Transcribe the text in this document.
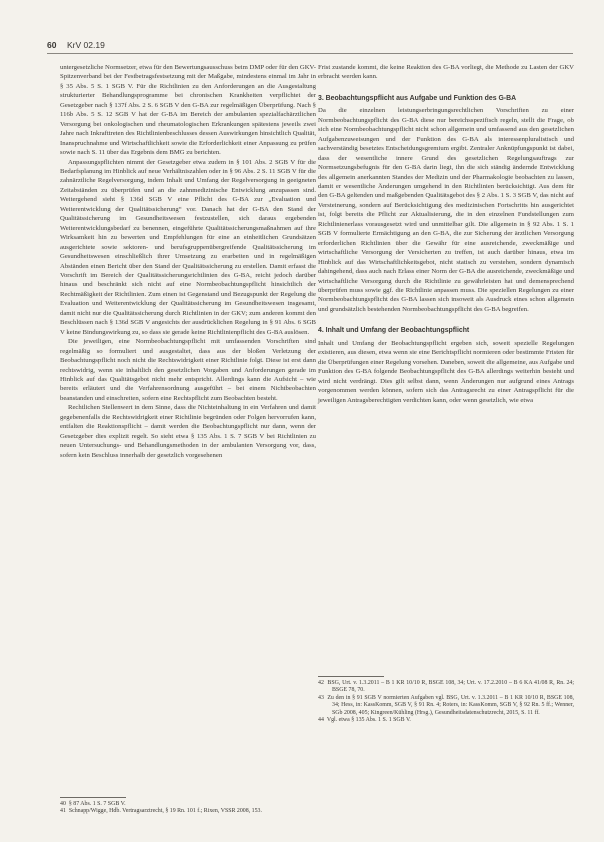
60 KrV 02.19

untergesetzliche Normsetzer, etwa für den Bewertungsausschuss beim DMP oder für den GKV-Spitzenverband bei der Festbetragsfestsetzung mit der Maßgabe, mindestens einmal im Jahr in § 35 Abs. 5 S. 1 SGB V. Für die Richtlinien zu den Anforderungen an die Ausgestaltung strukturierter Behandlungsprogramme bei chronischen Krankheiten verpflichtet der Gesetzgeber nach § 137f Abs. 2 S. 6 SGB V den G-BA zur regelmäßigen Überprüfung. Nach § 116b Abs. 5 S. 12 SGB V hat der G-BA im Bereich der ambulanten spezialfachärztlichen Versorgung bei onkologischen und rheumatologischen Erkrankungen spätestens jeweils zwei Jahre nach Inkrafttreten des Richtlinienbeschlusses dessen Auswirkungen hinsichtlich Qualität, Inanspruchnahme und Wirtschaftlichkeit sowie die Erforderlichkeit einer Anpassung zu prüfen sowie nach S. 11 über das Ergebnis dem BMG zu berichten.

Anpassungspflichten nimmt der Gesetzgeber etwa zudem in § 101 Abs. 2 SGB V für die Bedarfsplanung im Hinblick auf neue Verhältniszahlen oder in § 96 Abs. 2 S. 11 SGB V für die zahnärztliche Regelversorgung, indem Inhalt und Umfang der Regelversorgung in geeigneten Zeitabständen zu überprüfen und an die zahnmedizinische Entwicklung anzupassen sind. Weitergehend sieht § 136d SGB V eine Pflicht des G-BA zur „Evaluation und Weiterentwicklung der Qualitätssicherung“ vor. Danach hat der G-BA den Stand der Qualitätssicherung im Gesundheitswesen festzustellen, sich daraus ergebenden Weiterentwicklungsbedarf zu benennen, eingeführte Qualitätssicherungsmaßnahmen auf ihre Wirksamkeit hin zu bewerten und Empfehlungen für eine an einheitlichen Grundsätzen ausgerichtete sowie sektoren- und berufsgruppenübergreifende Qualitätssicherung im Gesundheitswesen einschließlich ihrer Umsetzung zu erarbeiten und in regelmäßigen Abständen einen Bericht über den Stand der Qualitätssicherung zu erstellen. Damit erfasst die Vorschrift im Bereich der Qualitätssicherungsrichtlinien des G-BA, reicht jedoch darüber hinaus und beschränkt sich nicht auf eine Normbeobachtungspflicht hinsichtlich der Rechtmäßigkeit der Richtlinien. Zum einen ist Gegenstand und Bezugspunkt der Regelung die Evaluation und Weiterentwicklung der Qualitätssicherung im Gesundheitswesen insgesamt, damit nicht nur die Qualitätssicherung durch Richtlinien in der GKV; zum anderen kommt den Beschlüssen nach § 136d SGB V angesichts der ausdrücklichen Regelung in § 91 Abs. 6 SGB V keine Bindungswirkung zu, so dass sie gerade keine Richtlinienpflicht des G-BA auslösen.

Die jeweiligen, eine Normbeobachtungspflicht mit umfassenden Vorschriften sind regelmäßig so formuliert und ausgestaltet, dass aus der bloßen Verletzung der Beobachtungspflicht noch nicht die Rechtswidrigkeit einer Richtlinie folgt. Diese ist erst dann rechtswidrig, wenn sie inhaltlich den gesetzlichen Vorgaben und Anforderungen gerade im Hinblick auf das Qualitätsgebot nicht mehr entspricht. Allerdings kann die Aufsicht – wie bereits erläutert und die Verfahrensordnung ausgeführt – bei einem Nichtbeobachten beanstanden und einschreiten, sofern eine Rechtspflicht zum Beobachten besteht.

Rechtlichen Stellenwert in dem Sinne, dass die Nichteinhaltung in ein Verfahren und damit gegebenenfalls die Rechtswidrigkeit einer Richtlinie begründen oder Folgen hervorrufen kann, entfalten die Reaktionspflicht – damit werden die Beobachtungspflicht nur dann, wenn der Gesetzgeber dies explizit regelt. So sieht etwa § 135 Abs. 1 S. 7 SGB V bei Richtlinien zu neuen Untersuchungs- und Behandlungsmethoden in der ambulanten Versorgung vor, dass, sofern kein Beschluss innerhalb der gesetzlich vorgesehenen

Frist zustande kommt, die keine Reaktion des G-BA vorliegt, die Methode zu Lasten der GKV erbracht werden kann.

3. Beobachtungspflicht aus Aufgabe und Funktion des G-BA

Da die einzelnen leistungserbringungsrechtlichen Vorschriften zu einer Normbeobachtungspflicht des G-BA diese nur bereichsspezifisch regeln, stellt die Frage, ob sich eine Normbeobachtungspflicht nicht schon allgemein und umfassend aus den gesetzlichen Aufgabenzuweisungen und der Funktion des G-BA als interessenpluralistisch und sachverständig besetztes Entscheidungsgremium ergibt. Zentraler Anknüpfungspunkt ist dabei, dass der wesentliche innere Grund des gesetzlichen Regelungsauftrags zur Normsetzungsbefugnis für den G-BA darin liegt, ihn die sich ständig ändernde Entwicklung des allgemein anerkannten Standes der Medizin und der Pharmakologie beobachten zu lassen, damit er wesentliche Änderungen umgehend in den Richtlinien berücksichtigt. Aus dem für den G-BA geltenden und maßgebenden Qualitätsgebot des § 2 Abs. 1 S. 3 SGB V, das nicht auf Versteinerung, sondern auf Berücksichtigung des medizinischen Fortschritts hin ausgerichtet ist, folgt bereits die Pflicht zur Aktualisierung, die in den einzelnen Fundstellungen zum Richtlinienerlass vorausgesetzt wird und unmittelbar gilt. Die allgemein in § 92 Abs. 1 S. 1 SGB V formulierte Ermächtigung an den G-BA, die zur Sicherung der ärztlichen Versorgung erforderlichen Richtlinien über die Gewähr für eine ausreichende, zweckmäßige und wirtschaftliche Versorgung der Versicherten zu treffen, ist auch darüber hinaus, etwa im Hinblick auf das Wirtschaftlichkeitsgebot, nicht statisch zu verstehen, sondern dynamisch dahingehend, dass auch nach Erlass einer Norm der G-BA die ausreichende, zweckmäßige und wirtschaftliche Versorgung durch die Richtlinie zu gewährleisten hat und demensprechend überprüfen muss sowie ggf. die Richtlinie anpassen muss. Die speziellen Regelungen zu einer Normbeobachtungspflicht des G-BA lassen sich insoweit als Ausdruck eines schon allgemein und grundsätzlich bestehenden Normbeobachtungspflicht des G-BA begreifen.

4. Inhalt und Umfang der Beobachtungspflicht

Inhalt und Umfang der Beobachtungspflicht ergeben sich, soweit spezielle Regelungen existieren, aus diesen, etwa wenn sie eine Berichtspflicht normieren oder bestimmte Fristen für die Überprüfungen einer Regelung vorsehen. Daneben, soweit die allgemeine, aus Aufgabe und Funktion des G-BA folgende Beobachtungspflicht des G-BA allerdings weiterhin besteht und wird nicht verdrängt. Dies gilt selbst dann, wenn Änderungen nur aufgrund eines Antrags vorgenommen werden können, sofern sich das Antragsrecht zu einer Antragspflicht für die jeweiligen Antragsberechtigten verdichten kann, oder wenn gesetzlich, wie etwa

40 § 87 Abs. 1 S. 7 SGB V.

41 Schnapp/Wigge, Hdb. Vertragsarztrecht, § 19 Rn. 101 f.; Rixen, VSSR 2008, 153.

42 BSG, Urt. v. 1.3.2011 – B 1 KR 10/10 R, BSGE 108, 34; Urt. v. 17.2.2010 – B 6 KA 41/08 R, Rn. 24; BSGE 78, 70.

43 Zu den in § 91 SGB V normierten Aufgaben vgl. BSG, Urt. v. 1.3.2011 – B 1 KR 10/10 R, BSGE 108, 34; Hess, in: KassKomm, SGB V, § 91 Rn. 4; Roters, in: KassKomm, SGB V, § 92 Rn. 5 ff.; Wenner, SGb 2008, 405; Kingreen/Kühling (Hrsg.), Gesundheitsdatenschutzrecht, 2015, S. 11 ff.

44 Vgl. etwa § 135 Abs. 1 S. 1 SGB V.
